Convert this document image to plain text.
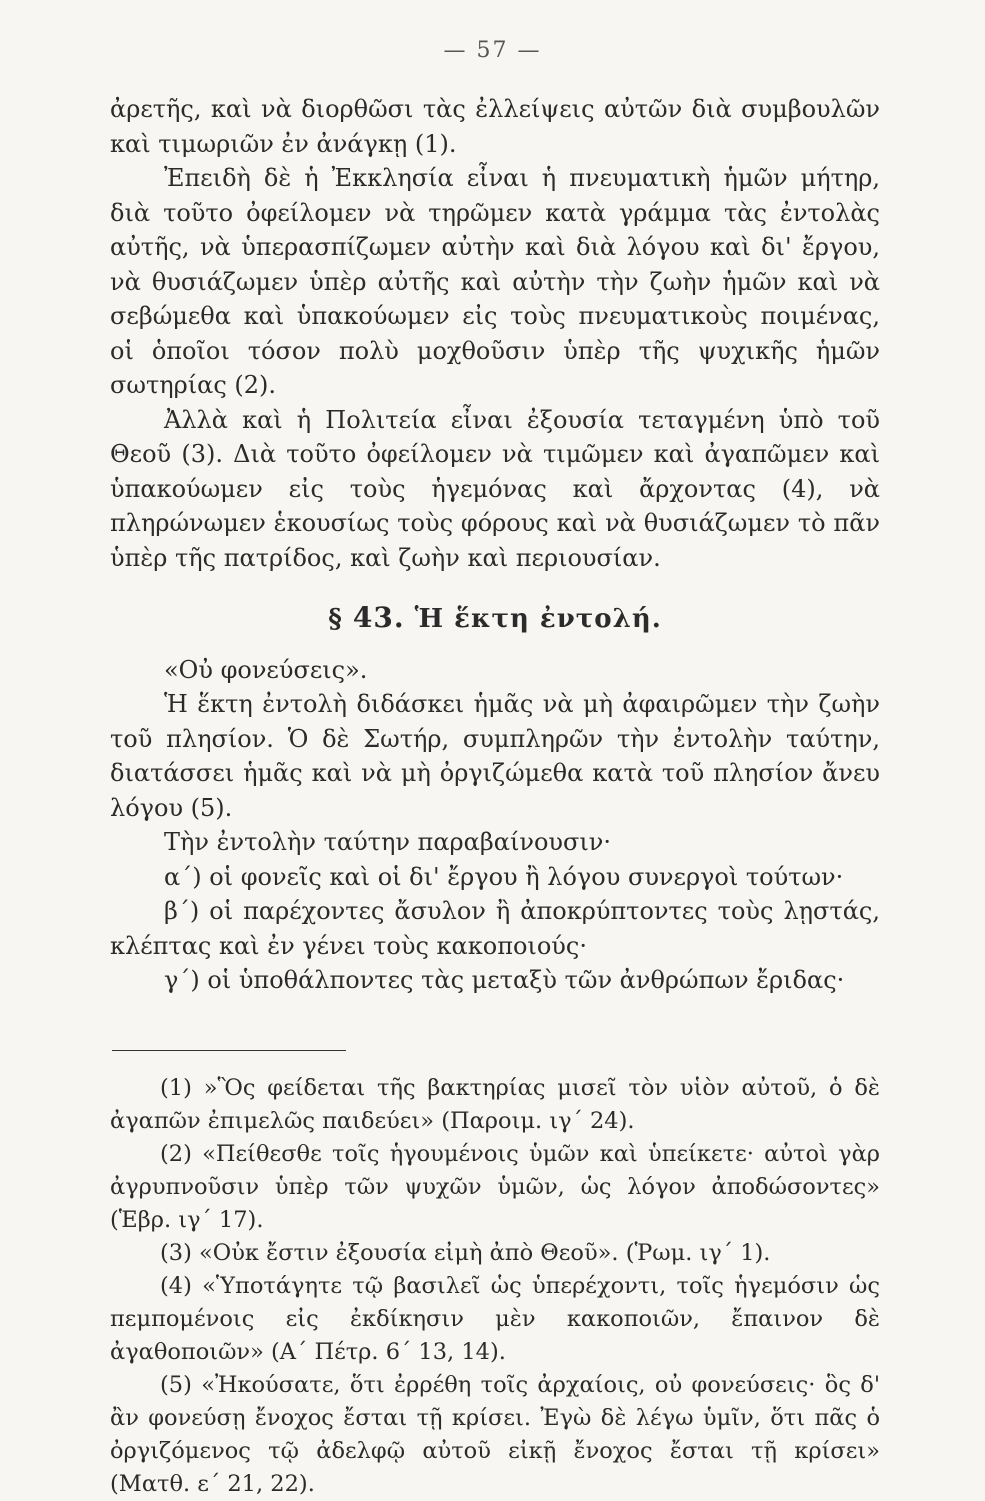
— 57 —

ἀρετῆς, καὶ νὰ διορθῶσι τὰς ἐλλείψεις αὐτῶν διὰ συμβουλῶν καὶ τιμωριῶν ἐν ἀνάγκῃ (1).

Ἐπειδὴ δὲ ἡ Ἐκκλησία εἶναι ἡ πνευματικὴ ἡμῶν μήτηρ, διὰ τοῦτο ὀφείλομεν νὰ τηρῶμεν κατὰ γράμμα τὰς ἐντολὰς αὐτῆς, νὰ ὑπερασπίζωμεν αὐτὴν καὶ διὰ λόγου καὶ δι' ἔργου, νὰ θυσιάζωμεν ὑπὲρ αὐτῆς καὶ αὐτὴν τὴν ζωὴν ἡμῶν καὶ νὰ σεβώμεθα καὶ ὑπακούωμεν εἰς τοὺς πνευματικοὺς ποιμένας, οἱ ὁποῖοι τόσον πολὺ μοχθοῦσιν ὑπὲρ τῆς ψυχικῆς ἡμῶν σωτηρίας (2).

Ἀλλὰ καὶ ἡ Πολιτεία εἶναι ἐξουσία τεταγμένη ὑπὸ τοῦ Θεοῦ (3). Διὰ τοῦτο ὀφείλομεν νὰ τιμῶμεν καὶ ἀγαπῶμεν καὶ ὑπακούωμεν εἰς τοὺς ἡγεμόνας καὶ ἄρχοντας (4), νὰ πληρώνωμεν ἑκουσίως τοὺς φόρους καὶ νὰ θυσιάζωμεν τὸ πᾶν ὑπὲρ τῆς πατρίδος, καὶ ζωὴν καὶ περιουσίαν.

§ 43. Ἡ ἕκτη ἐντολή.

«Οὐ φονεύσεις».

Ἡ ἕκτη ἐντολὴ διδάσκει ἡμᾶς νὰ μὴ ἀφαιρῶμεν τὴν ζωὴν τοῦ πλησίον. Ὁ δὲ Σωτήρ, συμπληρῶν τὴν ἐντολὴν ταύτην, διατάσσει ἡμᾶς καὶ νὰ μὴ ὀργιζώμεθα κατὰ τοῦ πλησίον ἄνευ λόγου (5).

Τὴν ἐντολὴν ταύτην παραβαίνουσιν·

α´) οἱ φονεῖς καὶ οἱ δι' ἔργου ἢ λόγου συνεργοὶ τούτων·

β´) οἱ παρέχοντες ἄσυλον ἢ ἀποκρύπτοντες τοὺς λῃστάς, κλέπτας καὶ ἐν γένει τοὺς κακοποιούς·

γ´) οἱ ὑποθάλποντες τὰς μεταξὺ τῶν ἀνθρώπων ἔριδας·

(1) »Ὃς φείδεται τῆς βακτηρίας μισεῖ τὸν υἱὸν αὐτοῦ, ὁ δὲ ἀγαπῶν ἐπιμελῶς παιδεύει» (Παροιμ. ιγ´ 24).

(2) «Πείθεσθε τοῖς ἡγουμένοις ὑμῶν καὶ ὑπείκετε· αὐτοὶ γὰρ ἀγρυπνοῦσιν ὑπὲρ τῶν ψυχῶν ὑμῶν, ὡς λόγον ἀποδώσοντες» (Ἑβρ. ιγ´ 17).

(3) «Οὐκ ἔστιν ἐξουσία εἰμὴ ἀπὸ Θεοῦ». (Ῥωμ. ιγ´ 1).

(4) «Ὑποτάγητε τῷ βασιλεῖ ὡς ὑπερέχοντι, τοῖς ἡγεμόσιν ὡς πεμπομένοις εἰς ἐκδίκησιν μὲν κακοποιῶν, ἔπαινον δὲ ἀγαθοποιῶν» (Α´ Πέτρ. 6´ 13, 14).

(5) «Ἠκούσατε, ὅτι ἐρρέθη τοῖς ἀρχαίοις, οὐ φονεύσεις· ὃς δ' ἂν φονεύσῃ ἔνοχος ἔσται τῇ κρίσει. Ἐγὼ δὲ λέγω ὑμῖν, ὅτι πᾶς ὁ ὀργιζόμενος τῷ ἀδελφῷ αὐτοῦ εἰκῇ ἔνοχος ἔσται τῇ κρίσει» (Ματθ. ε´ 21, 22).
